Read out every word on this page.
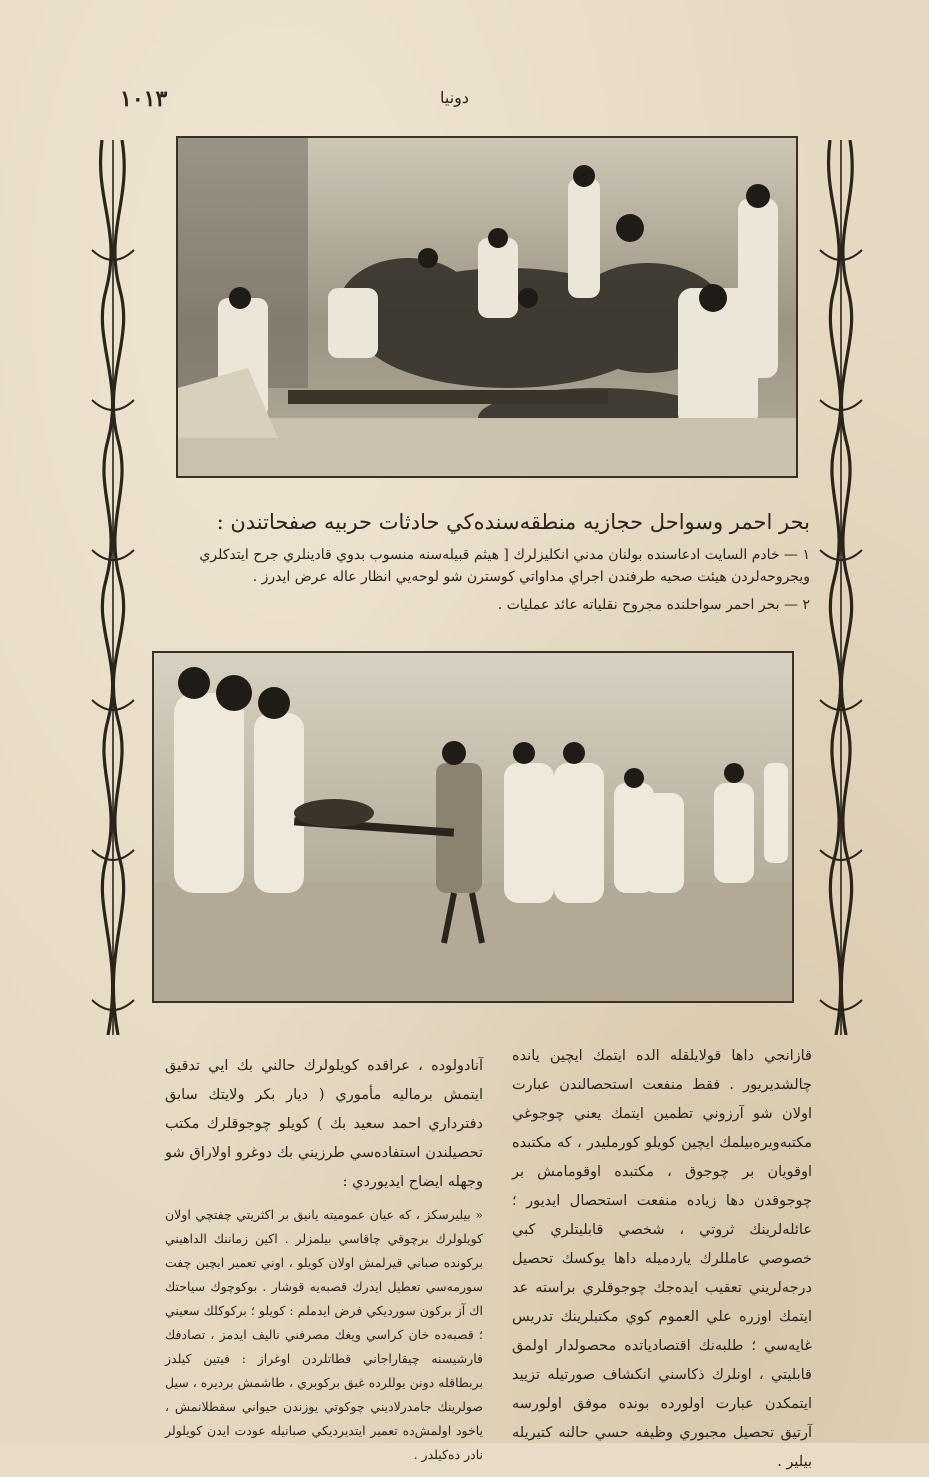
١٠١٣	دونيا

بحر احمر وسواحل حجازيه منطقه‌سنده‌كي حادثات حربيه صفحاتندن :

١ — خادم السايت ادعاسنده بولنان مدني انكليزلرك [ هيثم قبيله‌سنه منسوب بدوي قادينلري جرح ايتدكلري ويجروحه‌لردن هيئت صحيه طرفندن اجراي مداواتي كوسترن شو لوحه‌يي انظار عاله عرض ايدرز .

٢ — بحر احمر سواحلنده مجروح نقلياته عائد عمليات .

قازانجي داها قولايلقله الده ايتمك ايچين يانده چالشديريور . فقط منفعت استحصالندن عبارت اولان شو آرزوني تطمين ايتمك يعني چوجوغي مكتبه‌ويره‌بيلمك ايچين كويلو كورمليدر ، كه مكتبده اوقويان بر چوجوق ، مكتبده اوقومامش بر چوجوقدن دها زياده منفعت استحصال ايديور ؛ عائله‌لرينك ثروتي ، شخصي قابليتلري كبي خصوصي عامللرك ياردميله داها يوكسك تحصيل درجه‌لريني تعقيب ايده‌جك چوجوقلري براسته عد ايتمك اوزره علي العموم كوي مكتبلرينك تدريس غايه‌سي ؛ طلبه‌نك اقتصادياتده محصولدار اولمق قابليتي ، اونلرك ذكاسني انكشاف صورتيله تزييد ايتمكدن عبارت اولورده بونده موفق اولورسه آرتيق تحصيل مجبوري وظيفه حسي حالنه كتيريله بيلير .

آنادولوده ، عراقده كويلولرك حالني بك ايي تدقيق ايتمش برماليه مأموري ( ديار بكر ولايتك سابق دفترداري احمد سعيد بك ) كويلو چوجوقلرك مكتب تحصيلندن استفاده‌سي طرزيني بك دوغرو اولاراق شو وجهله ايضاح ايديوردي :

« بيليرسكز ، كه عيان عموميته يانيق بر اكثريتي چفتچي اولان كويلولرك برچوقي چاقاسي بيلمزلر . اكين زماننك الداهيني بركونده صباني قيرلمش اولان كويلو ، اوني تعمير ايچين چفت سورمه‌سي تعطيل ايدرك قصبه‌يه قوشار . بوكوچوك سياحتك اك آز بركون سورديكي فرض ايدملم : كويلو ؛ بركوكلك سعيني ؛ قصبه‌ده خان كراسي ويغك مصرفني ناليف ايدمز ، تصادفك فارشيسنه چيقاراجاني قطاتلردن اوغراز : فيتين كيلدز بربطاقله دونن يوللرده غيق بركوبري ، طاشمش برديره ، سيل صولرينك جامدرلاديني چوكوتي يوزندن حيواني سقطلانمش ، ياخود اولمش‌ده تعمير ايتديرديكي صبانيله عودت ايدن كويلولر نادر ده‌كيلدر .
